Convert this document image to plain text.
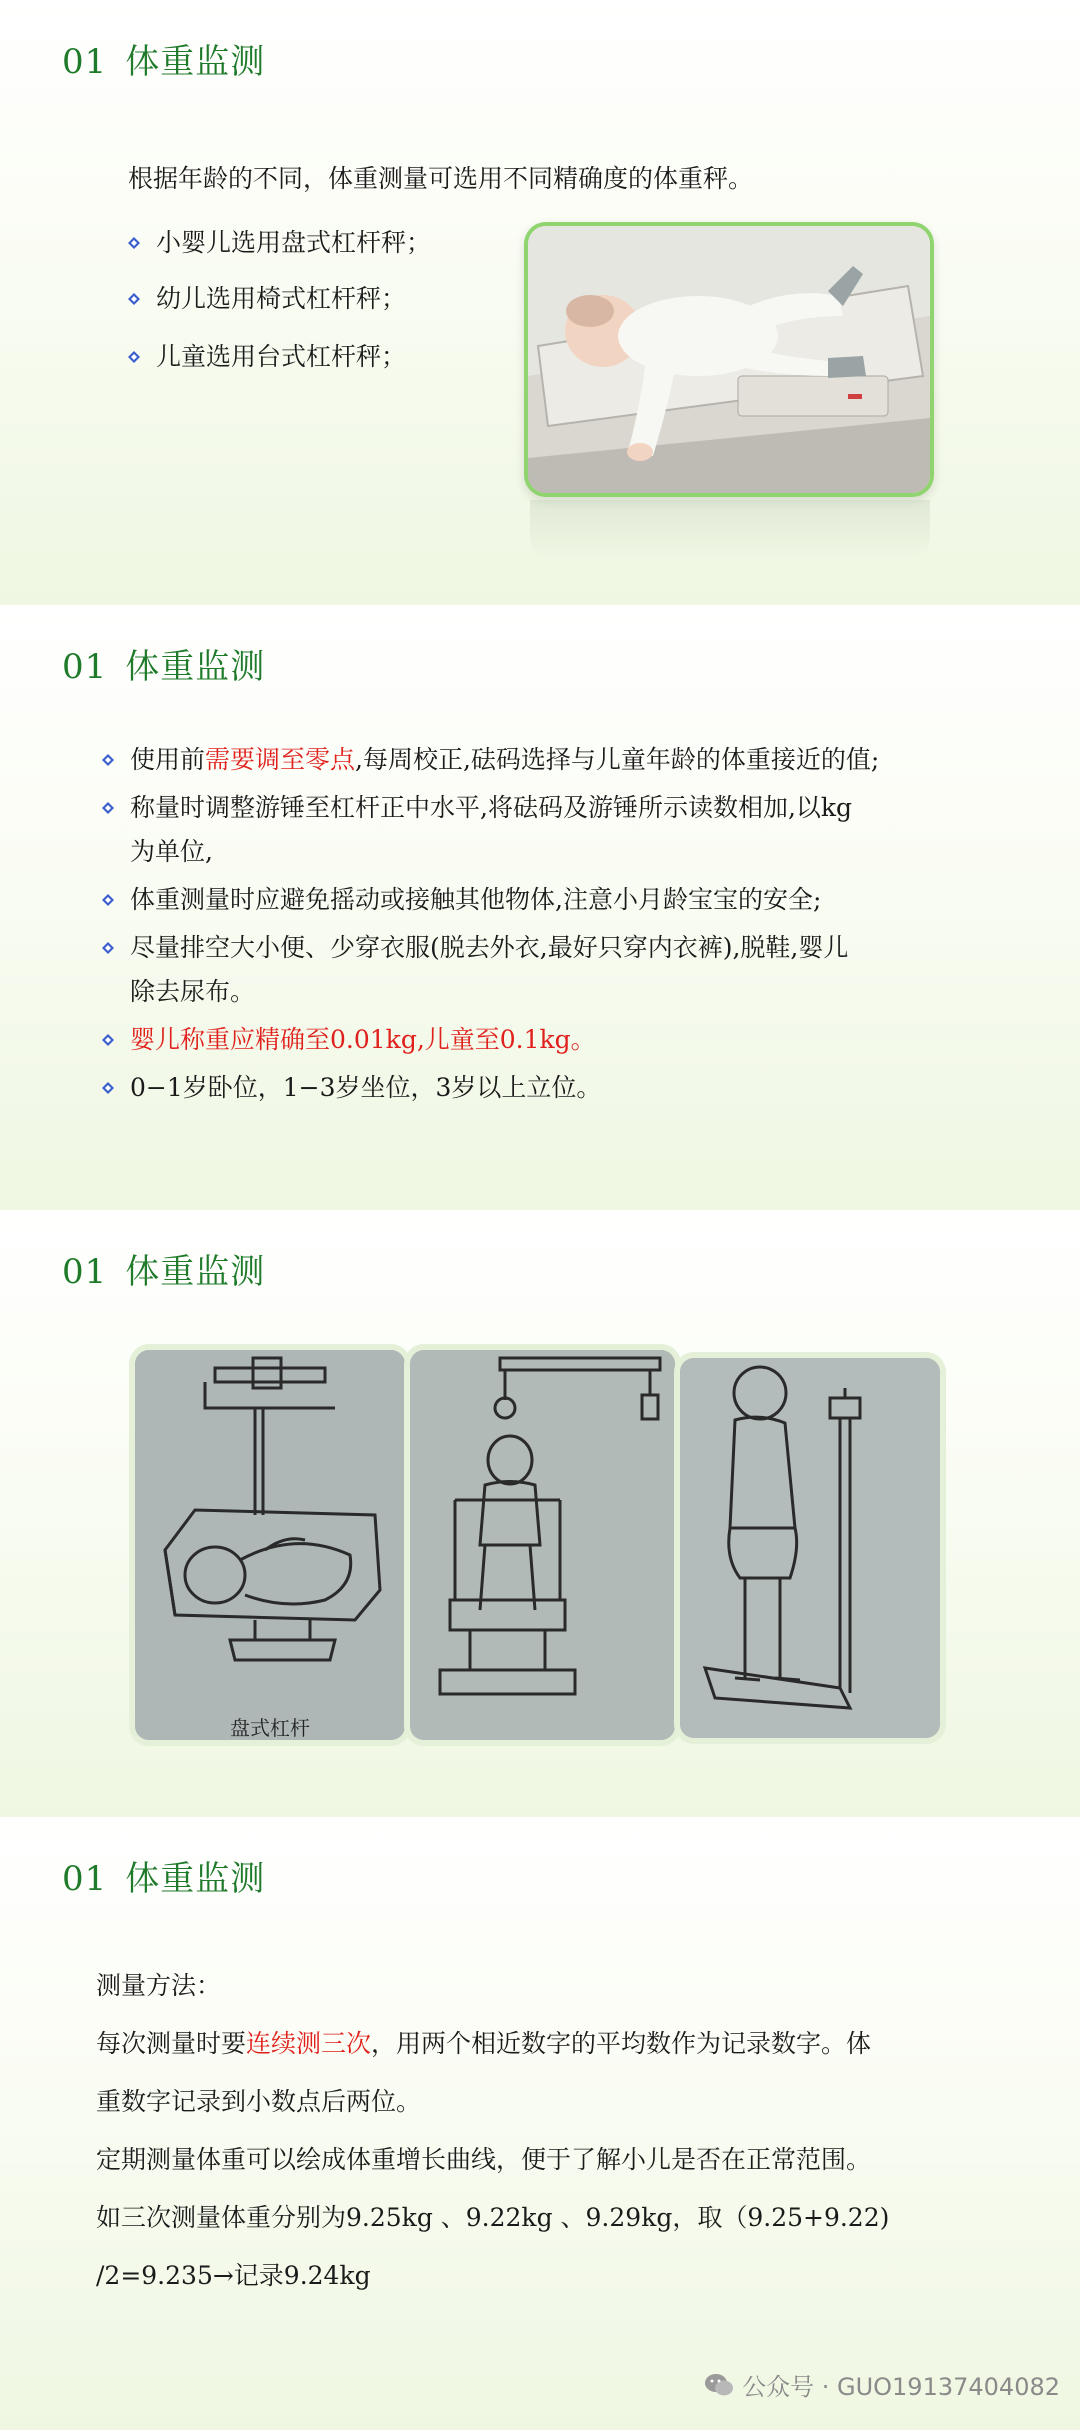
01 体重监测
根据年龄的不同，体重测量可选用不同精确度的体重秤。
小婴儿选用盘式杠杆秤；
幼儿选用椅式杠杆秤；
儿童选用台式杠杆秤；
01 体重监测
使用前需要调至零点,每周校正,砝码选择与儿童年龄的体重接近的值;
称量时调整游锤至杠杆正中水平,将砝码及游锤所示读数相加,以kg
为单位,
体重测量时应避免摇动或接触其他物体,注意小月龄宝宝的安全;
尽量排空大小便、少穿衣服(脱去外衣,最好只穿内衣裤),脱鞋,婴儿
除去尿布。
婴儿称重应精确至0.01kg,儿童至0.1kg。
0−1岁卧位，1−3岁坐位，3岁以上立位。
01 体重监测
盘式杠杆
01 体重监测
测量方法：
每次测量时要连续测三次，用两个相近数字的平均数作为记录数字。体
重数字记录到小数点后两位。
定期测量体重可以绘成体重增长曲线，便于了解小儿是否在正常范围。
如三次测量体重分别为9.25kg 、9.22kg 、9.29kg，取（9.25+9.22)
/2=9.235→记录9.24kg
公众号 · GUO19137404082
